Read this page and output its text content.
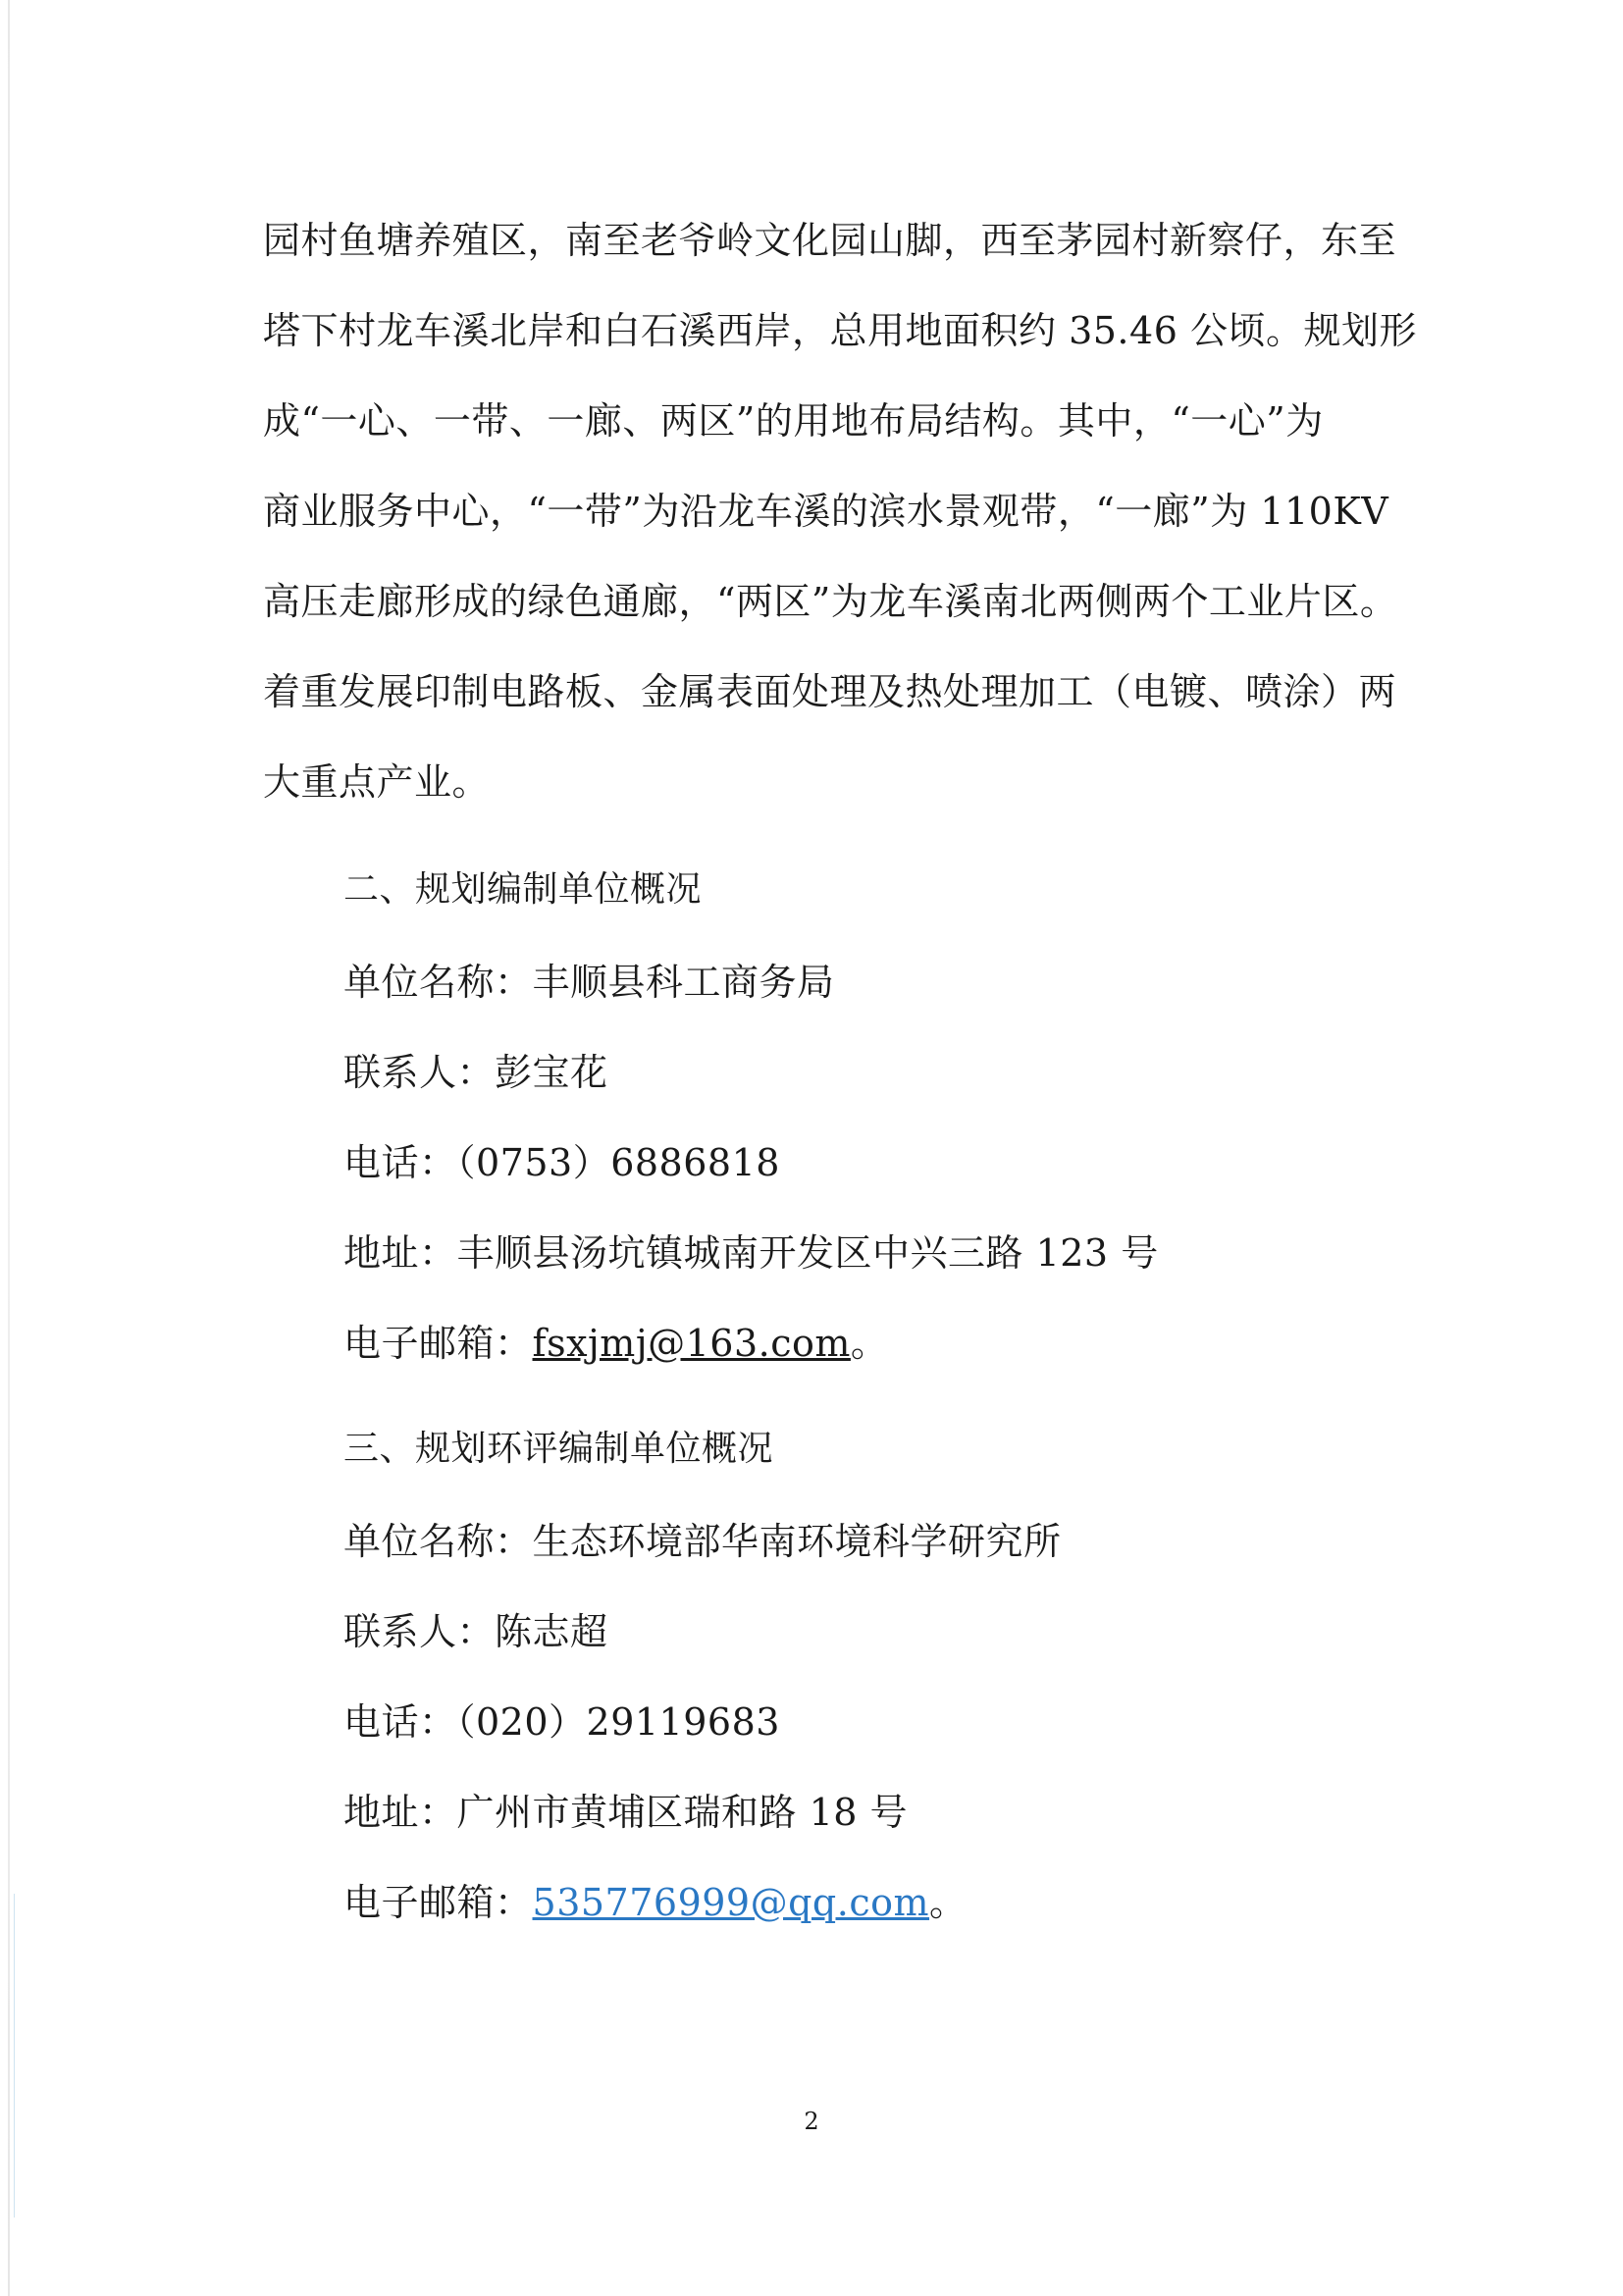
园村鱼塘养殖区，南至老爷岭文化园山脚，西至茅园村新察仔，东至
塔下村龙车溪北岸和白石溪西岸，总用地面积约 35.46 公顷。规划形
成“一心、一带、一廊、两区”的用地布局结构。其中，“一心”为
商业服务中心，“一带”为沿龙车溪的滨水景观带，“一廊”为 110KV
高压走廊形成的绿色通廊，“两区”为龙车溪南北两侧两个工业片区。
着重发展印制电路板、金属表面处理及热处理加工（电镀、喷涂）两
大重点产业。
二、规划编制单位概况
单位名称：丰顺县科工商务局
联系人：彭宝花
电话：（0753）6886818
地址：丰顺县汤坑镇城南开发区中兴三路 123 号
电子邮箱：fsxjmj@163.com。
三、规划环评编制单位概况
单位名称：生态环境部华南环境科学研究所
联系人：陈志超
电话：（020）29119683
地址：广州市黄埔区瑞和路 18 号
电子邮箱：535776999@qq.com。
2
